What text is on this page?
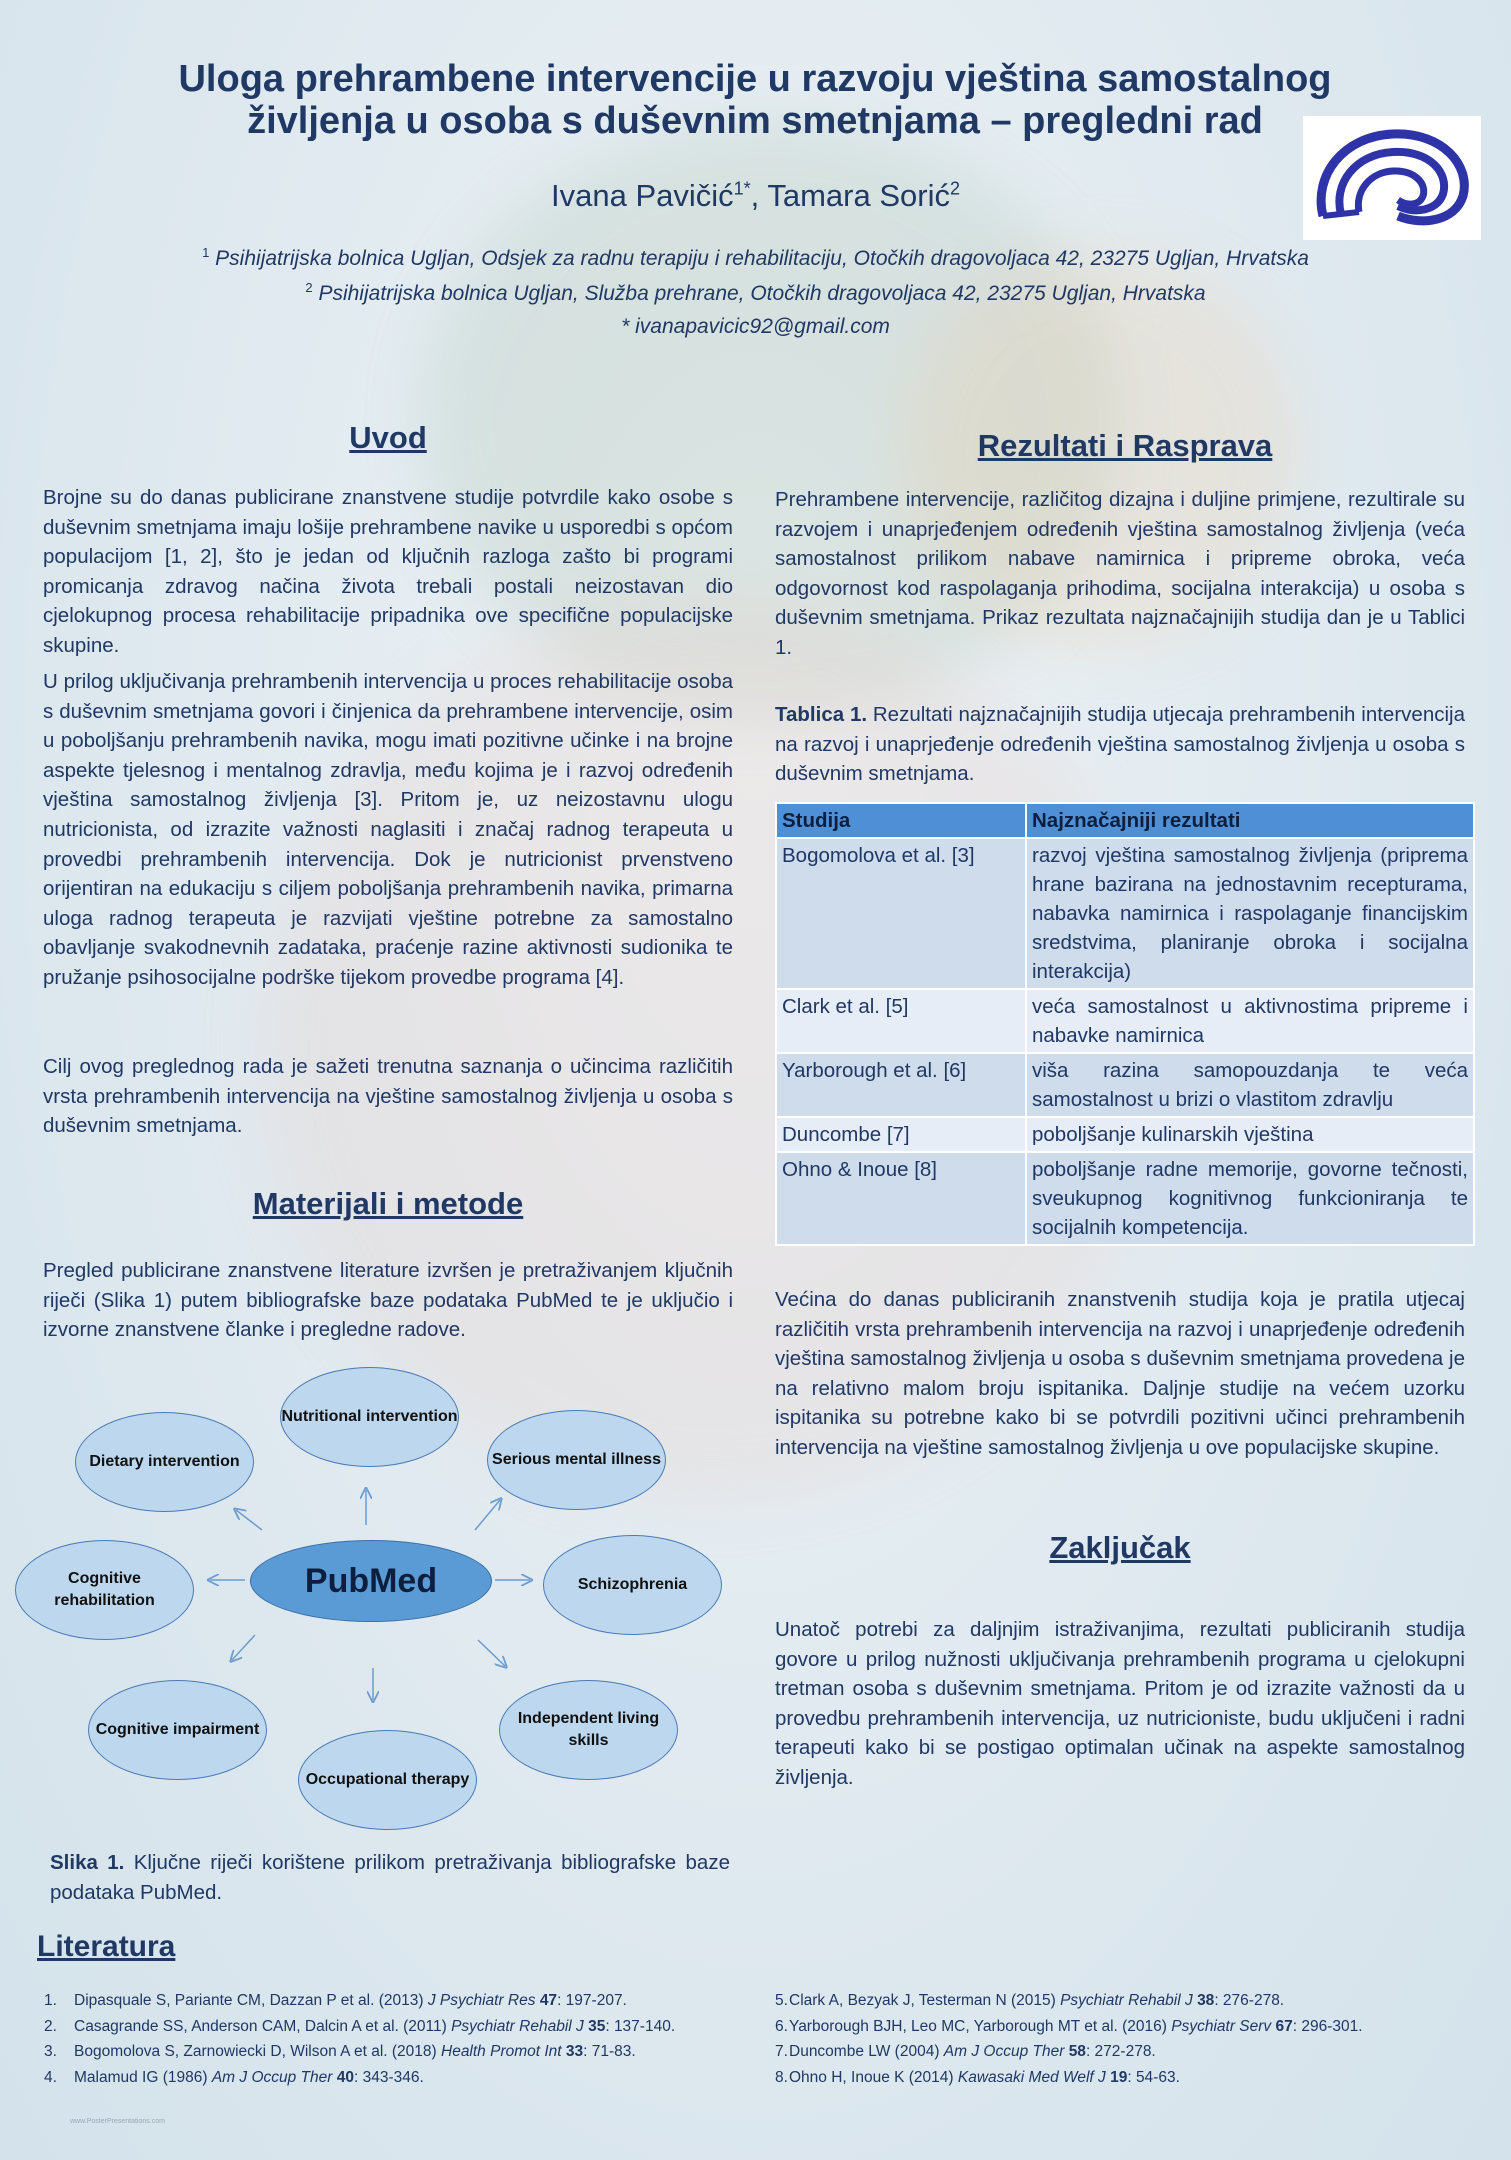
Uloga prehrambene intervencije u razvoju vještina samostalnog
življenja u osoba s duševnim smetnjama – pregledni rad
Ivana Pavičić$^{1*}$, Tamara Sorić$^2$
$^1$ Psihijatrijska bolnica Ugljan, Odsjek za radnu terapiju i rehabilitaciju, Otočkih dragovoljaca 42, 23275 Ugljan, Hrvatska
$^2$ Psihijatrijska bolnica Ugljan, Služba prehrane, Otočkih dragovoljaca 42, 23275 Ugljan, Hrvatska
* ivanapavicic92@gmail.com
Uvod

Brojne su do danas publicirane znanstvene studije potvrdile kako osobe s duševnim smetnjama imaju lošije prehrambene navike u usporedbi s općom populacijom [1, 2], što je jedan od ključnih razloga zašto bi programi promicanja zdravog načina života trebali postali neizostavan dio cjelokupnog procesa rehabilitacije pripadnika ove specifične populacijske skupine.

U prilog uključivanja prehrambenih intervencija u proces rehabilitacije osoba s duševnim smetnjama govori i činjenica da prehrambene intervencije, osim u poboljšanju prehrambenih navika, mogu imati pozitivne učinke i na brojne aspekte tjelesnog i mentalnog zdravlja, među kojima je i razvoj određenih vještina samostalnog življenja [3]. Pritom je, uz neizostavnu ulogu nutricionista, od izrazite važnosti naglasiti i značaj radnog terapeuta u provedbi prehrambenih intervencija. Dok je nutricionist prvenstveno orijentiran na edukaciju s ciljem poboljšanja prehrambenih navika, primarna uloga radnog terapeuta je razvijati vještine potrebne za samostalno obavljanje svakodnevnih zadataka, praćenje razine aktivnosti sudionika te pružanje psihosocijalne podrške tijekom provedbe programa [4].

Cilj ovog preglednog rada je sažeti trenutna saznanja o učincima različitih vrsta prehrambenih intervencija na vještine samostalnog življenja u osoba s duševnim smetnjama.

Materijali i metode

Pregled publicirane znanstvene literature izvršen je pretraživanjem ključnih riječi (Slika 1) putem bibliografske baze podataka PubMed te je uključio i izvorne znanstvene članke i pregledne radove.

PubMed
Nutritional intervention
Serious mental illness
Schizophrenia
Independent living skills
Occupational therapy
Cognitive impairment
Cognitive rehabilitation
Dietary intervention

Slika 1. Ključne riječi korištene prilikom pretraživanja bibliografske baze podataka PubMed.

Rezultati i Rasprava

Prehrambene intervencije, različitog dizajna i duljine primjene, rezultirale su razvojem i unaprjeđenjem određenih vještina samostalnog življenja (veća samostalnost prilikom nabave namirnica i pripreme obroka, veća odgovornost kod raspolaganja prihodima, socijalna interakcija) u osoba s duševnim smetnjama. Prikaz rezultata najznačajnijih studija dan je u Tablici 1.

Tablica 1. Rezultati najznačajnijih studija utjecaja prehrambenih intervencija na razvoj i unaprjeđenje određenih vještina samostalnog življenja u osoba s duševnim smetnjama.

Studija	Najznačajniji rezultati
Bogomolova et al. [3]	razvoj vještina samostalnog življenja (priprema hrane bazirana na jednostavnim recepturama, nabavka namirnica i raspolaganje financijskim sredstvima, planiranje obroka i socijalna interakcija)
Clark et al. [5]	veća samostalnost u aktivnostima pripreme i nabavke namirnica
Yarborough et al. [6]	viša razina samopouzdanja te veća samostalnost u brizi o vlastitom zdravlju
Duncombe [7]	poboljšanje kulinarskih vještina
Ohno & Inoue [8]	poboljšanje radne memorije, govorne tečnosti, sveukupnog kognitivnog funkcioniranja te socijalnih kompetencija.

Većina do danas publiciranih znanstvenih studija koja je pratila utjecaj različitih vrsta prehrambenih intervencija na razvoj i unaprjeđenje određenih vještina samostalnog življenja u osoba s duševnim smetnjama provedena je na relativno malom broju ispitanika. Daljnje studije na većem uzorku ispitanika su potrebne kako bi se potvrdili pozitivni učinci prehrambenih intervencija na vještine samostalnog življenja u ove populacijske skupine.

Zaključak

Unatoč potrebi za daljnjim istraživanjima, rezultati publiciranih studija govore u prilog nužnosti uključivanja prehrambenih programa u cjelokupni tretman osoba s duševnim smetnjama. Pritom je od izrazite važnosti da u provedbu prehrambenih intervencija, uz nutricioniste, budu uključeni i radni terapeuti kako bi se postigao optimalan učinak na aspekte samostalnog življenja.

Literatura
1. Dipasquale S, Pariante CM, Dazzan P et al. (2013) J Psychiatr Res 47: 197-207.
2. Casagrande SS, Anderson CAM, Dalcin A et al. (2011) Psychiatr Rehabil J 35: 137-140.
3. Bogomolova S, Zarnowiecki D, Wilson A et al. (2018) Health Promot Int 33: 71-83.
4. Malamud IG (1986) Am J Occup Ther 40: 343-346.
5.Clark A, Bezyak J, Testerman N (2015) Psychiatr Rehabil J 38: 276-278.
6.Yarborough BJH, Leo MC, Yarborough MT et al. (2016) Psychiatr Serv 67: 296-301.
7.Duncombe LW (2004) Am J Occup Ther 58: 272-278.
8.Ohno H, Inoue K (2014) Kawasaki Med Welf J 19: 54-63.
www.PosterPresentations.com
